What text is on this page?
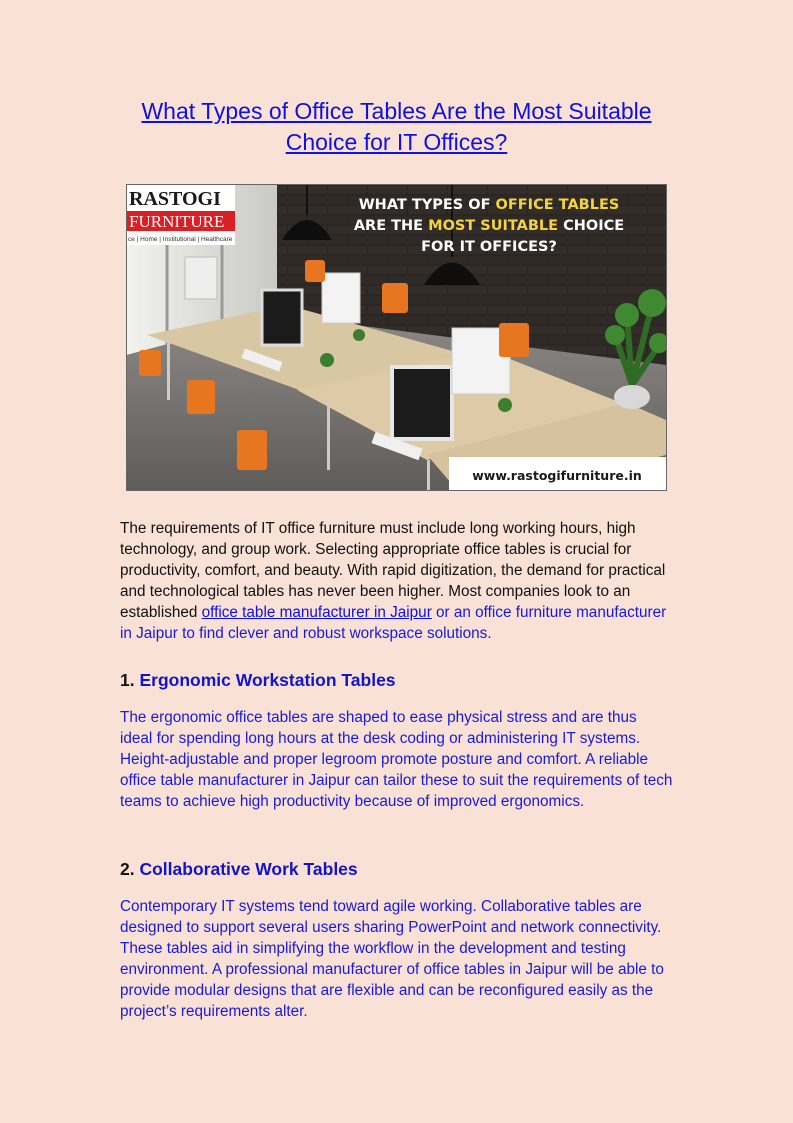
What Types of Office Tables Are the Most Suitable Choice for IT Offices?
RASTOGI
FURNITURE
ce | Home | Institutional | Healthcare
WHAT TYPES OF OFFICE TABLES
ARE THE MOST SUITABLE CHOICE
FOR IT OFFICES?
www.rastogifurniture.in

The requirements of IT office furniture must include long working hours, high technology, and group work. Selecting appropriate office tables is crucial for productivity, comfort, and beauty. With rapid digitization, the demand for practical and technological tables has never been higher. Most companies look to an established office table manufacturer in Jaipur or an office furniture manufacturer in Jaipur to find clever and robust workspace solutions.

1. Ergonomic Workstation Tables

The ergonomic office tables are shaped to ease physical stress and are thus ideal for spending long hours at the desk coding or administering IT systems. Height-adjustable and proper legroom promote posture and comfort. A reliable office table manufacturer in Jaipur can tailor these to suit the requirements of tech teams to achieve high productivity because of improved ergonomics.

2. Collaborative Work Tables

Contemporary IT systems tend toward agile working. Collaborative tables are designed to support several users sharing PowerPoint and network connectivity. These tables aid in simplifying the workflow in the development and testing environment. A professional manufacturer of office tables in Jaipur will be able to provide modular designs that are flexible and can be reconfigured easily as the project’s requirements alter.
